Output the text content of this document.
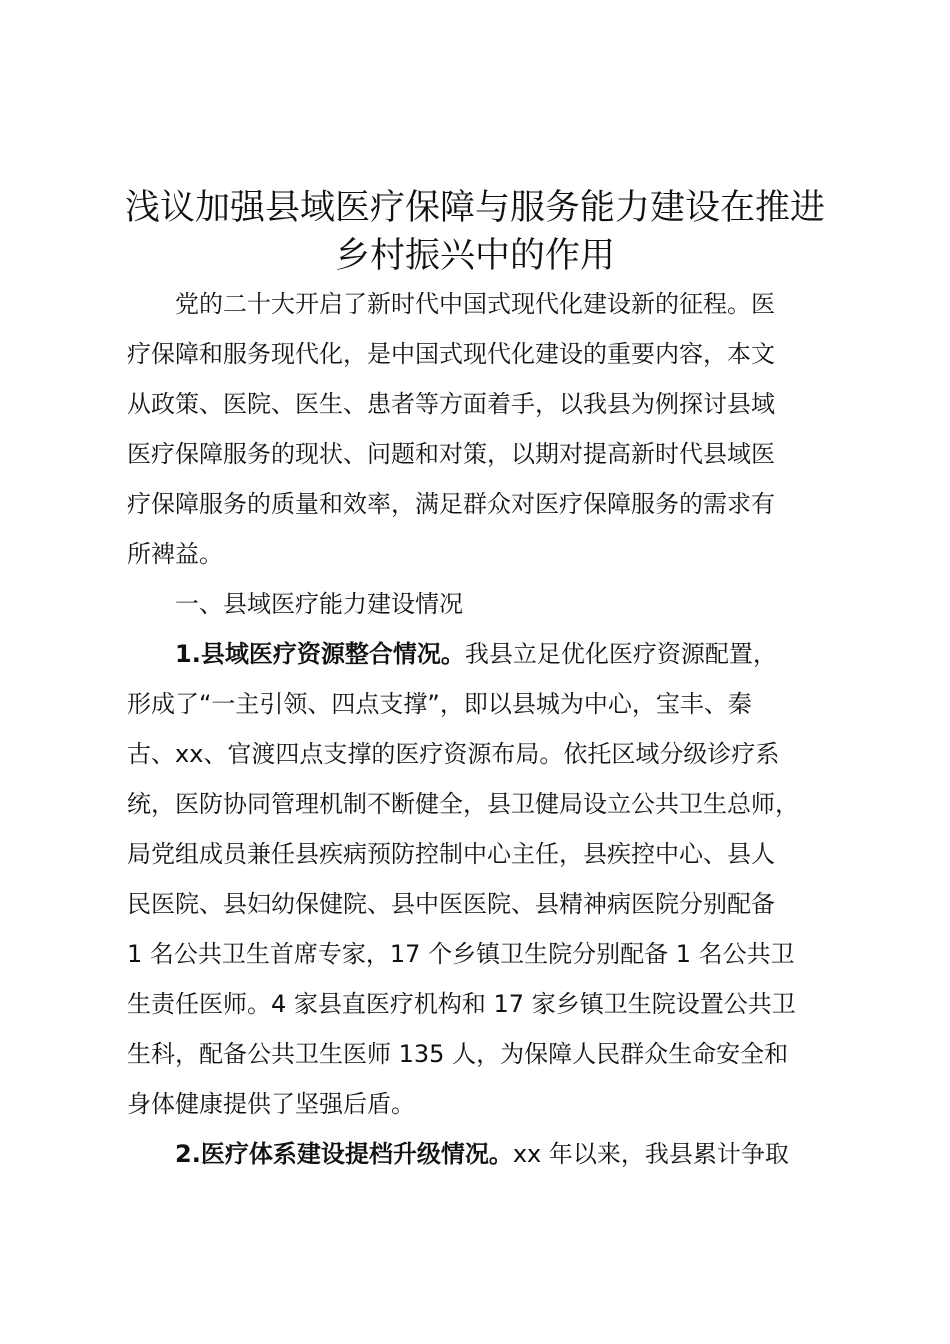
浅议加强县域医疗保障与服务能力建设在推进
乡村振兴中的作用
党的二十大开启了新时代中国式现代化建设新的征程。医
疗保障和服务现代化，是中国式现代化建设的重要内容，本文
从政策、医院、医生、患者等方面着手，以我县为例探讨县域
医疗保障服务的现状、问题和对策，以期对提高新时代县域医
疗保障服务的质量和效率，满足群众对医疗保障服务的需求有
所裨益。
一、县域医疗能力建设情况
1.县域医疗资源整合情况。我县立足优化医疗资源配置，
形成了“一主引领、四点支撑”，即以县城为中心，宝丰、秦
古、xx、官渡四点支撑的医疗资源布局。依托区域分级诊疗系
统，医防协同管理机制不断健全，县卫健局设立公共卫生总师，
局党组成员兼任县疾病预防控制中心主任，县疾控中心、县人
民医院、县妇幼保健院、县中医医院、县精神病医院分别配备
1 名公共卫生首席专家，17 个乡镇卫生院分别配备 1 名公共卫
生责任医师。4 家县直医疗机构和 17 家乡镇卫生院设置公共卫
生科，配备公共卫生医师 135 人，为保障人民群众生命安全和
身体健康提供了坚强后盾。
2.医疗体系建设提档升级情况。xx 年以来，我县累计争取
